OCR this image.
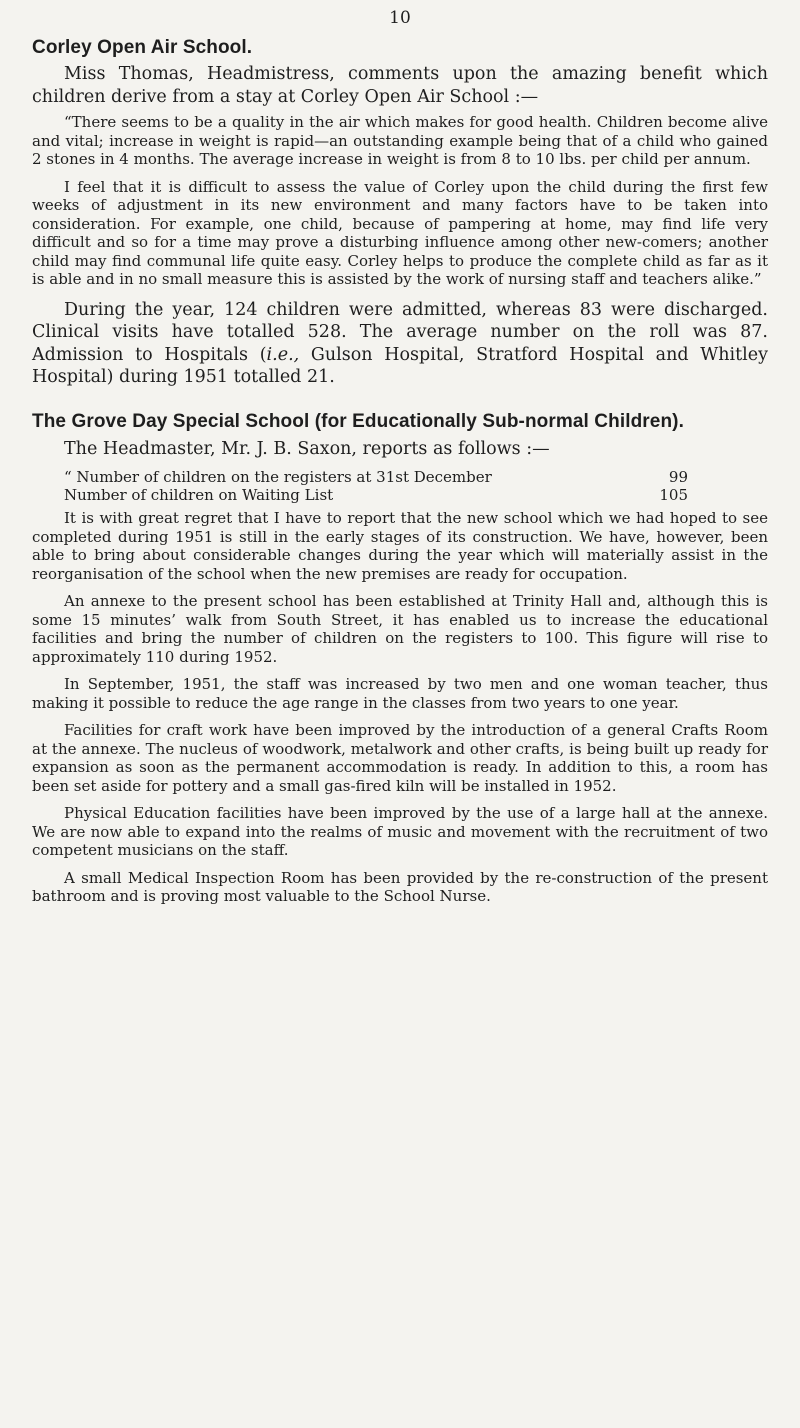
10
Corley Open Air School.

Miss Thomas, Headmistress, comments upon the amazing benefit which children derive from a stay at Corley Open Air School :—

“There seems to be a quality in the air which makes for good health. Children become alive and vital; increase in weight is rapid—an outstanding example being that of a child who gained 2 stones in 4 months. The average increase in weight is from 8 to 10 lbs. per child per annum.

I feel that it is difficult to assess the value of Corley upon the child during the first few weeks of adjustment in its new environment and many factors have to be taken into consideration. For example, one child, because of pampering at home, may find life very difficult and so for a time may prove a disturbing influence among other new-comers; another child may find communal life quite easy. Corley helps to produce the complete child as far as it is able and in no small measure this is assisted by the work of nursing staff and teachers alike.”

During the year, 124 children were admitted, whereas 83 were discharged. Clinical visits have totalled 528. The average number on the roll was 87. Admission to Hospitals (i.e., Gulson Hospital, Stratford Hospital and Whitley Hospital) during 1951 totalled 21.

The Grove Day Special School (for Educationally Sub-normal Children).

The Headmaster, Mr. J. B. Saxon, reports as follows :—

“ Number of children on the registers at 31st December	99
Number of children on Waiting List	105

It is with great regret that I have to report that the new school which we had hoped to see completed during 1951 is still in the early stages of its construction. We have, however, been able to bring about considerable changes during the year which will materially assist in the reorganisation of the school when the new premises are ready for occupation.

An annexe to the present school has been established at Trinity Hall and, although this is some 15 minutes’ walk from South Street, it has enabled us to increase the educational facilities and bring the number of children on the registers to 100. This figure will rise to approximately 110 during 1952.

In September, 1951, the staff was increased by two men and one woman teacher, thus making it possible to reduce the age range in the classes from two years to one year.

Facilities for craft work have been improved by the introduction of a general Crafts Room at the annexe. The nucleus of woodwork, metalwork and other crafts, is being built up ready for expansion as soon as the permanent accommodation is ready. In addition to this, a room has been set aside for pottery and a small gas-fired kiln will be installed in 1952.

Physical Education facilities have been improved by the use of a large hall at the annexe. We are now able to expand into the realms of music and movement with the recruitment of two competent musicians on the staff.

A small Medical Inspection Room has been provided by the re-construction of the present bathroom and is proving most valuable to the School Nurse.
